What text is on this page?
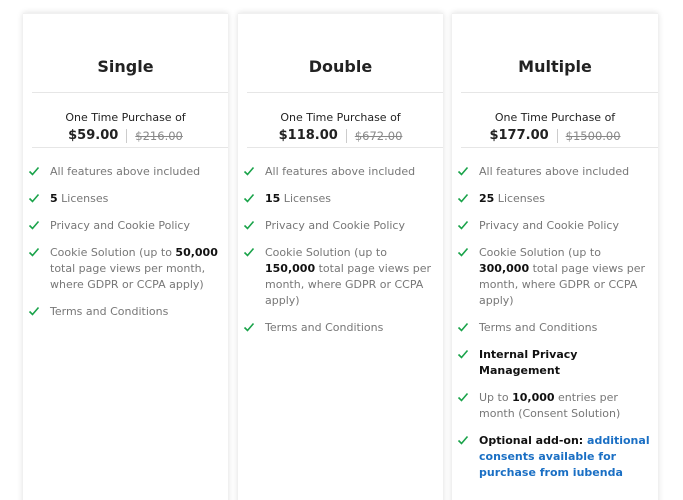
Single
One Time Purchase of
$59.00 $216.00
All features above included
5 Licenses
Privacy and Cookie Policy
Cookie Solution (up to 50,000 total page views per month, where GDPR or CCPA apply)
Terms and Conditions
Double
One Time Purchase of
$118.00 $672.00
All features above included
15 Licenses
Privacy and Cookie Policy
Cookie Solution (up to 150,000 total page views per month, where GDPR or CCPA apply)
Terms and Conditions
Multiple
One Time Purchase of
$177.00 $1500.00
All features above included
25 Licenses
Privacy and Cookie Policy
Cookie Solution (up to 300,000 total page views per month, where GDPR or CCPA apply)
Terms and Conditions
Internal Privacy Management
Up to 10,000 entries per month (Consent Solution)
Optional add-on: additional consents available for purchase from iubenda
